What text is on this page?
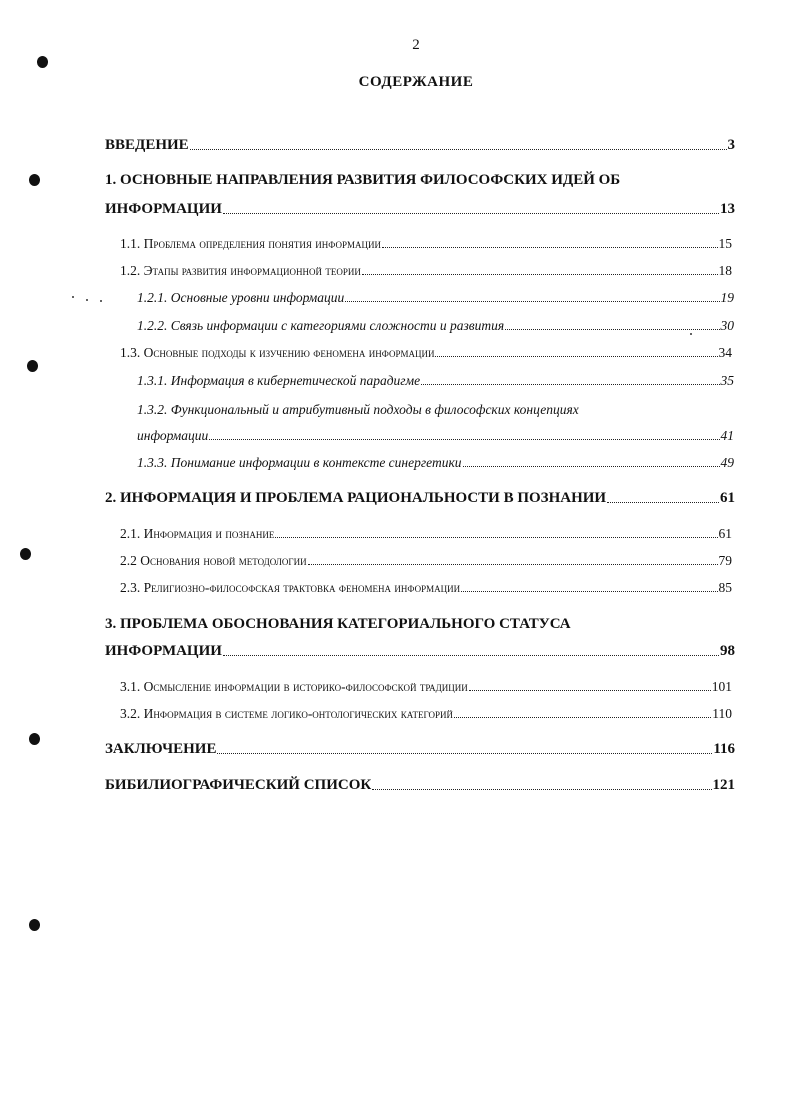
2
СОДЕРЖАНИЕ
ВВЕДЕНИЕ	3
1. ОСНОВНЫЕ НАПРАВЛЕНИЯ РАЗВИТИЯ ФИЛОСОФСКИХ ИДЕЙ ОБ
ИНФОРМАЦИИ	13
1.1. Проблема определения понятия информации	15
1.2. Этапы развития информационной теории	18
1.2.1. Основные уровни информации	19
1.2.2. Связь информации с категориями сложности и развития	30
1.3. Основные подходы к изучению феномена информации	34
1.3.1. Информация в кибернетической парадигме	35
1.3.2. Функциональный и атрибутивный подходы в философских концепциях
информации	41
1.3.3. Понимание информации в контексте синергетики	49
2. ИНФОРМАЦИЯ И ПРОБЛЕМА РАЦИОНАЛЬНОСТИ В ПОЗНАНИИ	61
2.1. Информация и познание	61
2.2 Основания новой методологии	79
2.3. Религиозно-философская трактовка феномена информации	85
3. ПРОБЛЕМА ОБОСНОВАНИЯ КАТЕГОРИАЛЬНОГО СТАТУСА
ИНФОРМАЦИИ	98
3.1. Осмысление информации в историко-философской традиции	101
3.2. Информация в системе логико-онтологических категорий	110
ЗАКЛЮЧЕНИЕ	116
БИБИЛИОГРАФИЧЕСКИЙ СПИСОК	121
